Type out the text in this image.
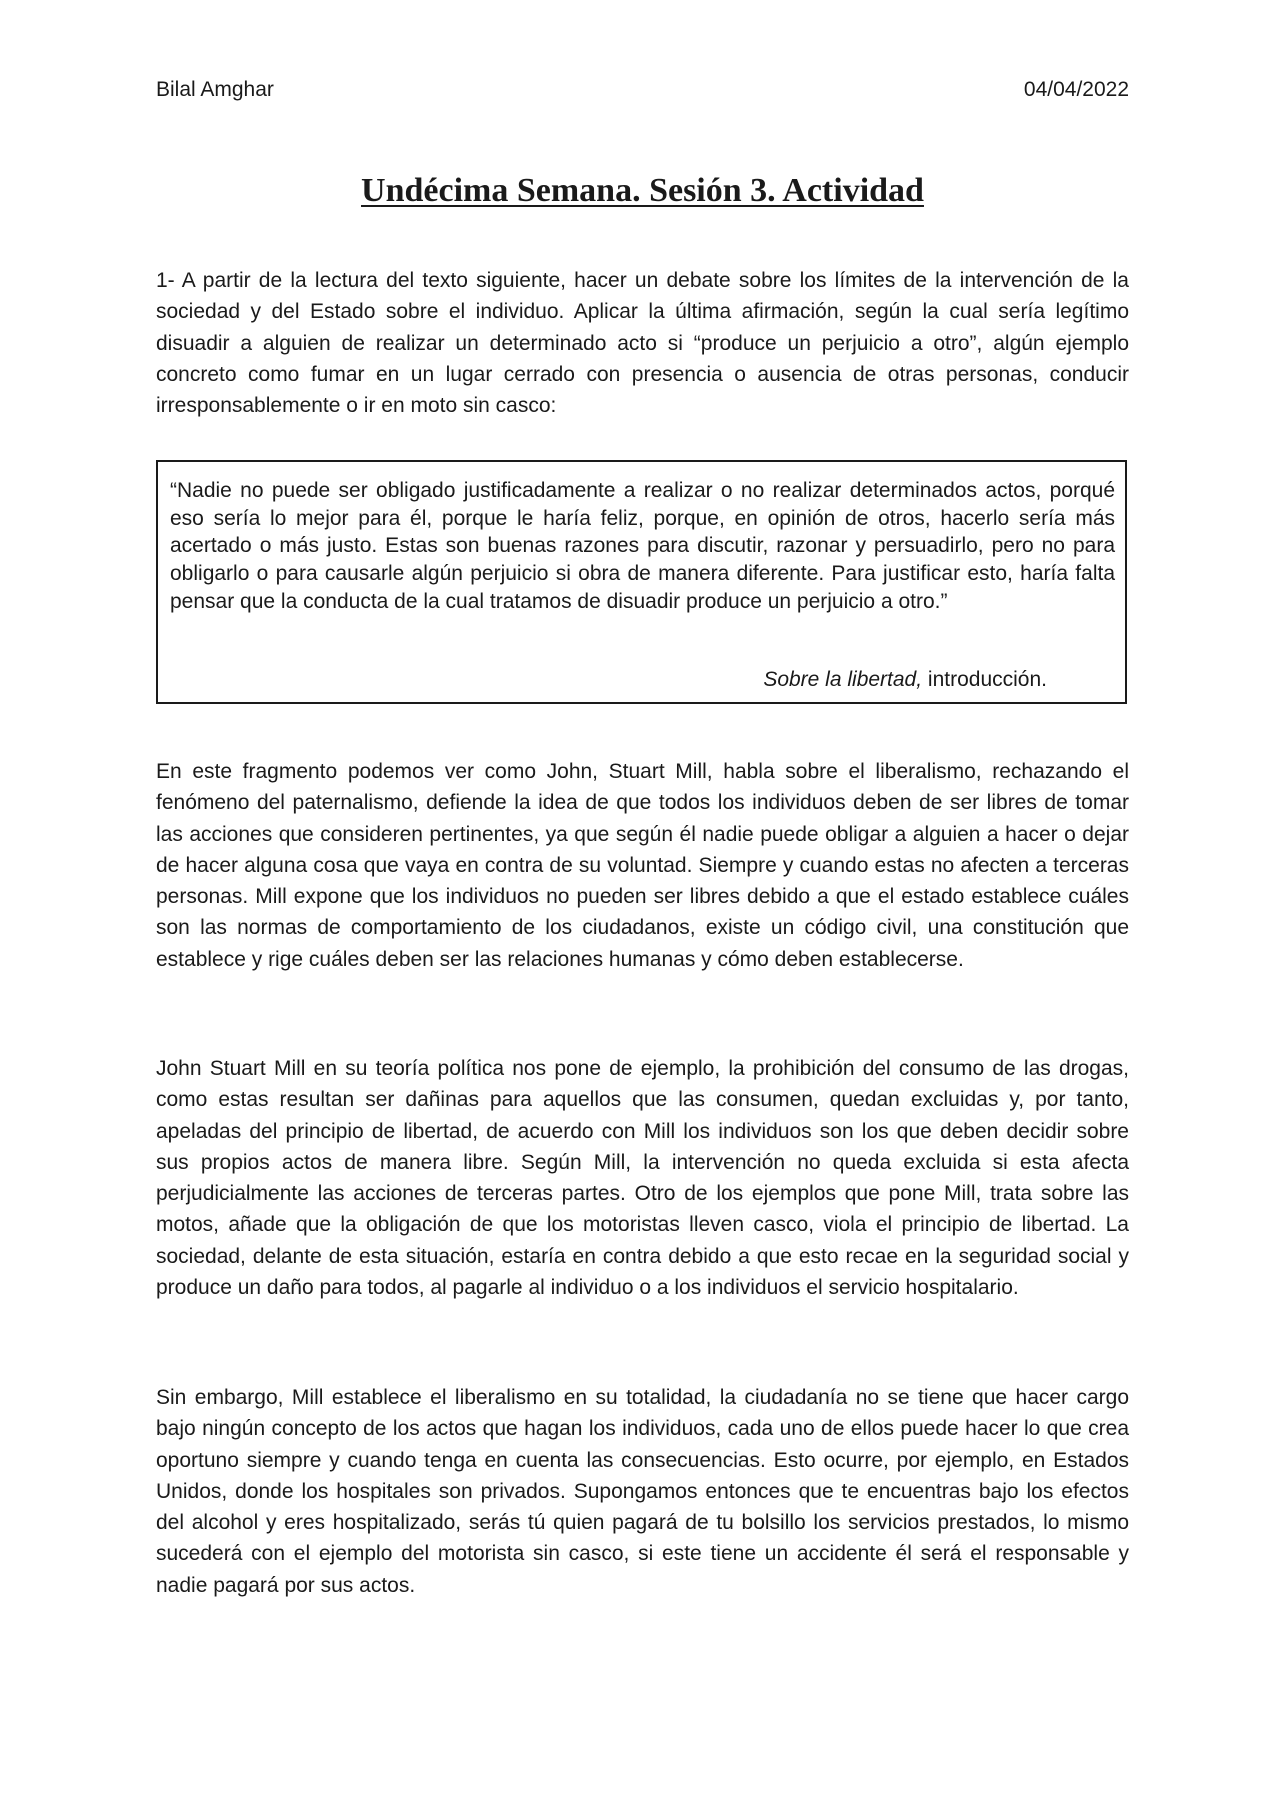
Bilal Amghar	04/04/2022
Undécima Semana. Sesión 3. Actividad

1- A partir de la lectura del texto siguiente, hacer un debate sobre los límites de la intervención de la sociedad y del Estado sobre el individuo. Aplicar la última afirmación, según la cual sería legítimo disuadir a alguien de realizar un determinado acto si “produce un perjuicio a otro”, algún ejemplo concreto como fumar en un lugar cerrado con presencia o ausencia de otras personas, conducir irresponsablemente o ir en moto sin casco:

“Nadie no puede ser obligado justificadamente a realizar o no realizar determinados actos, porqué eso sería lo mejor para él, porque le haría feliz, porque, en opinión de otros, hacerlo sería más acertado o más justo. Estas son buenas razones para discutir, razonar y persuadirlo, pero no para obligarlo o para causarle algún perjuicio si obra de manera diferente. Para justificar esto, haría falta pensar que la conducta de la cual tratamos de disuadir produce un perjuicio a otro.”

Sobre la libertad, introducción.

En este fragmento podemos ver como John, Stuart Mill, habla sobre el liberalismo, rechazando el fenómeno del paternalismo, defiende la idea de que todos los individuos deben de ser libres de tomar las acciones que consideren pertinentes, ya que según él nadie puede obligar a alguien a hacer o dejar de hacer alguna cosa que vaya en contra de su voluntad. Siempre y cuando estas no afecten a terceras personas. Mill expone que los individuos no pueden ser libres debido a que el estado establece cuáles son las normas de comportamiento de los ciudadanos, existe un código civil, una constitución que establece y rige cuáles deben ser las relaciones humanas y cómo deben establecerse.

John Stuart Mill en su teoría política nos pone de ejemplo, la prohibición del consumo de las drogas, como estas resultan ser dañinas para aquellos que las consumen, quedan excluidas y, por tanto, apeladas del principio de libertad, de acuerdo con Mill los individuos son los que deben decidir sobre sus propios actos de manera libre. Según Mill, la intervención no queda excluida si esta afecta perjudicialmente las acciones de terceras partes. Otro de los ejemplos que pone Mill, trata sobre las motos, añade que la obligación de que los motoristas lleven casco, viola el principio de libertad. La sociedad, delante de esta situación, estaría en contra debido a que esto recae en la seguridad social y produce un daño para todos, al pagarle al individuo o a los individuos el servicio hospitalario.

Sin embargo, Mill establece el liberalismo en su totalidad, la ciudadanía no se tiene que hacer cargo bajo ningún concepto de los actos que hagan los individuos, cada uno de ellos puede hacer lo que crea oportuno siempre y cuando tenga en cuenta las consecuencias. Esto ocurre, por ejemplo, en Estados Unidos, donde los hospitales son privados. Supongamos entonces que te encuentras bajo los efectos del alcohol y eres hospitalizado, serás tú quien pagará de tu bolsillo los servicios prestados, lo mismo sucederá con el ejemplo del motorista sin casco, si este tiene un accidente él será el responsable y nadie pagará por sus actos.
